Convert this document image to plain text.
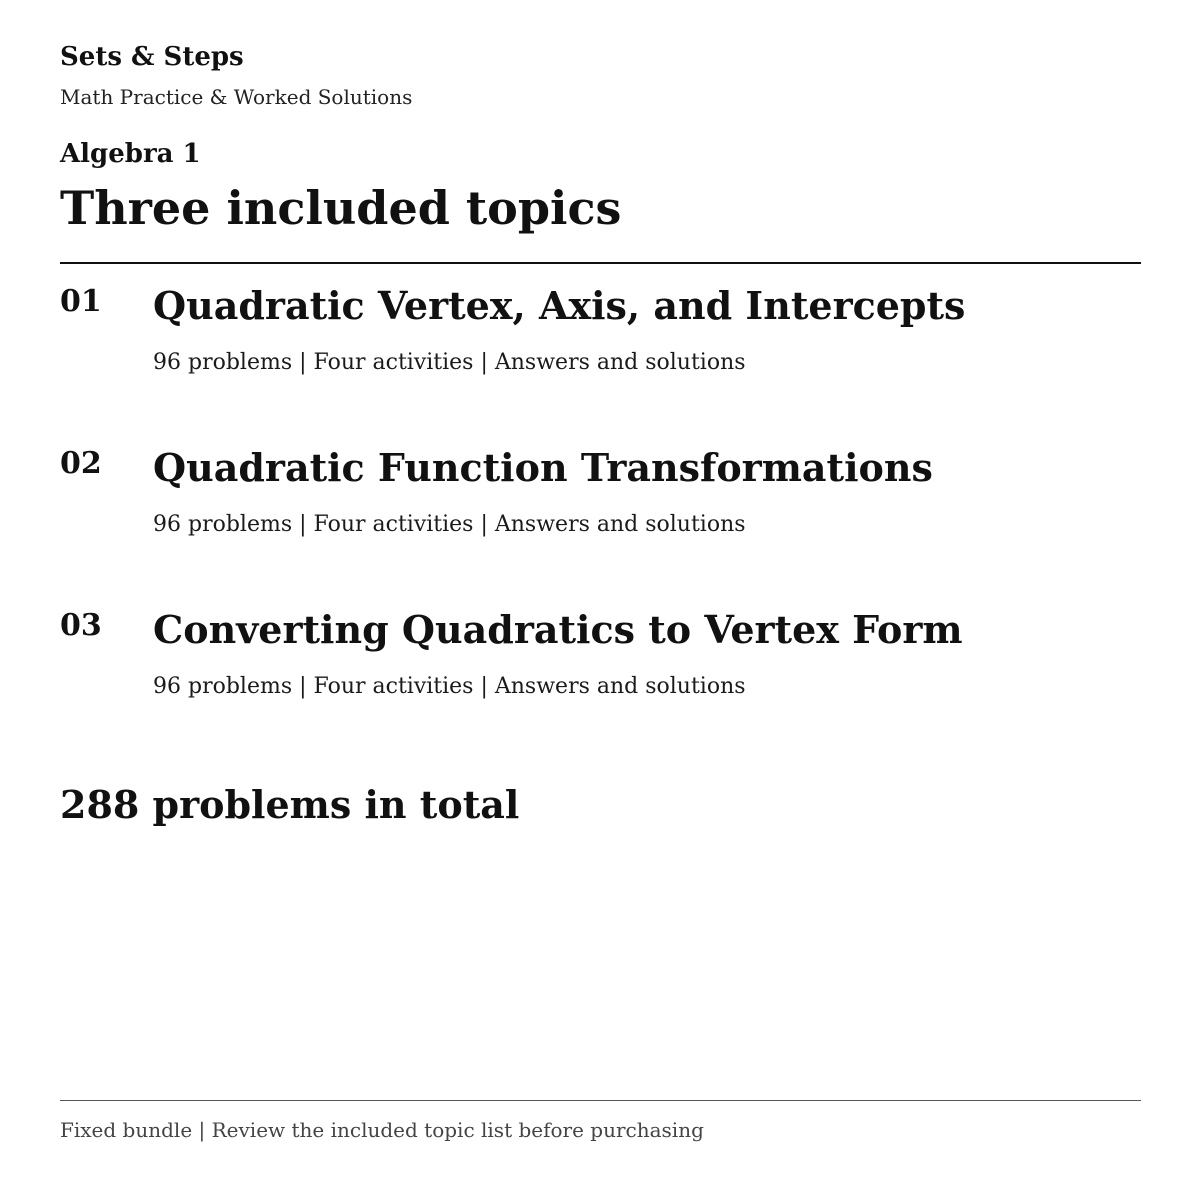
Sets & Steps
Math Practice & Worked Solutions
Algebra 1
Three included topics
01 Quadratic Vertex, Axis, and Intercepts
96 problems | Four activities | Answers and solutions
02 Quadratic Function Transformations
96 problems | Four activities | Answers and solutions
03 Converting Quadratics to Vertex Form
96 problems | Four activities | Answers and solutions
288 problems in total
Fixed bundle | Review the included topic list before purchasing
